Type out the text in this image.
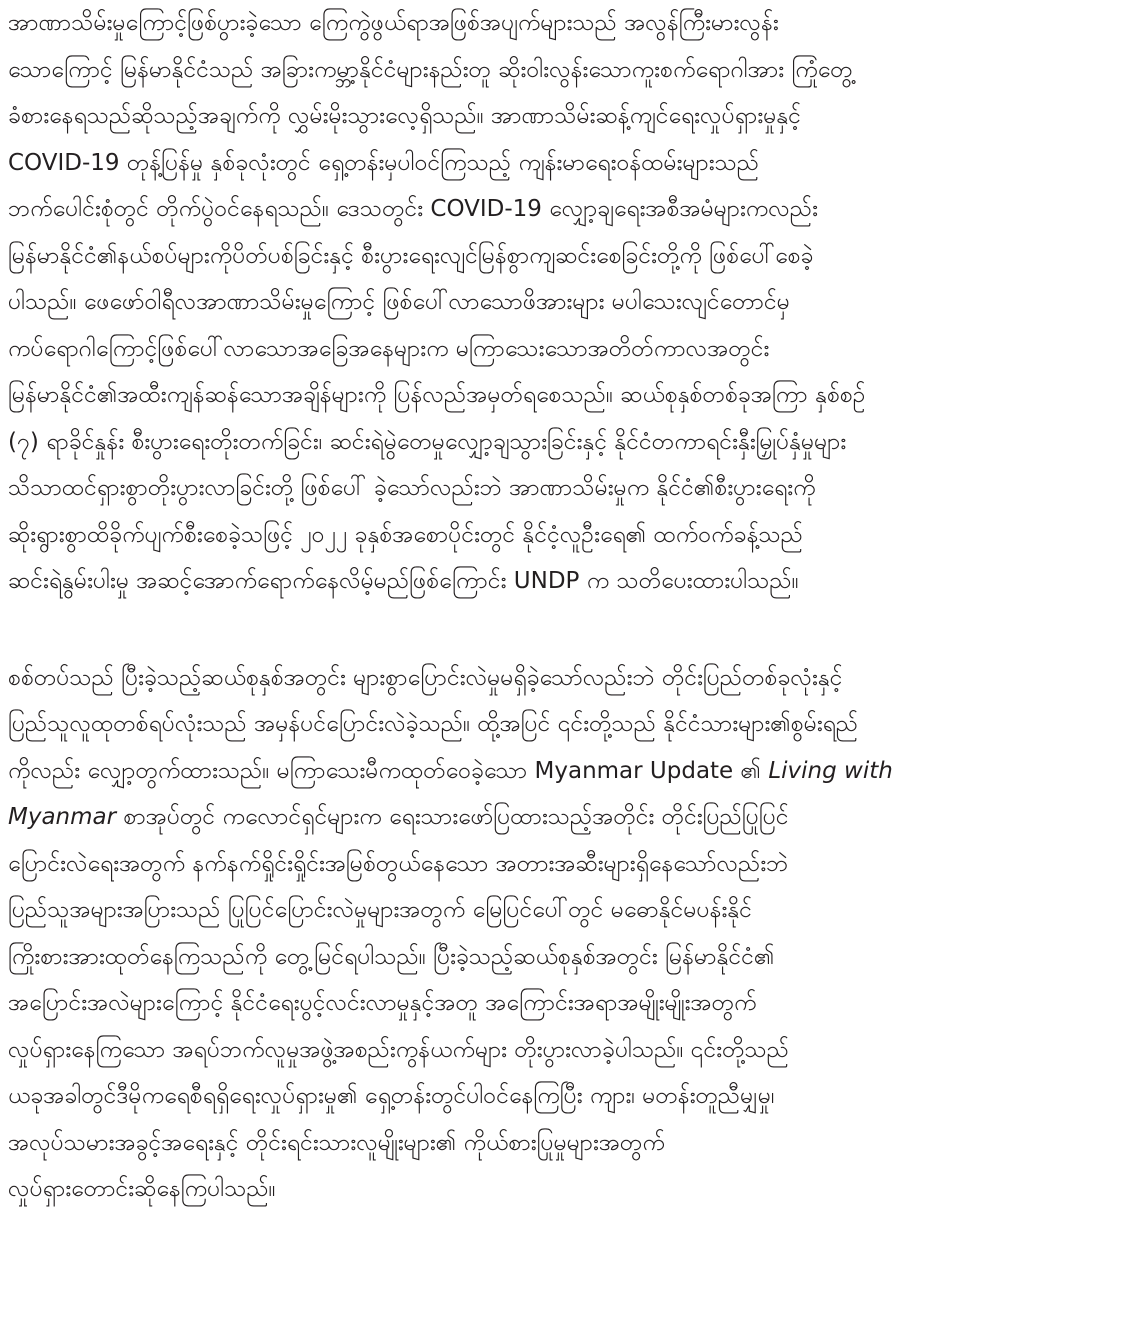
အာဏာသိမ်းမှုကြောင့်ဖြစ်ပွားခဲ့သော ကြေကွဲဖွယ်ရာအဖြစ်အပျက်များသည် အလွန်ကြီးမားလွန်း
သောကြောင့် မြန်မာနိုင်ငံသည် အခြားကမ္ဘာ့နိုင်ငံများနည်းတူ ဆိုးဝါးလွန်းသောကူးစက်ရောဂါအား ကြုံတွေ့
ခံစားနေရသည်ဆိုသည့်အချက်ကို လွှမ်းမိုးသွားလေ့ရှိသည်။ အာဏာသိမ်းဆန့်ကျင်ရေးလှုပ်ရှားမှုနှင့်
COVID-19 တုန့်ပြန်မှု နှစ်ခုလုံးတွင် ရှေ့တန်းမှပါဝင်ကြသည့် ကျန်းမာရေးဝန်ထမ်းများသည်
ဘက်ပေါင်းစုံတွင် တိုက်ပွဲဝင်နေရသည်။ ဒေသတွင်း COVID-19 လျှော့ချရေးအစီအမံများကလည်း
မြန်မာနိုင်ငံ၏နယ်စပ်များကိုပိတ်ပစ်ခြင်းနှင့် စီးပွားရေးလျင်မြန်စွာကျဆင်းစေခြင်းတို့ကို ဖြစ်ပေါ်စေခဲ့
ပါသည်။ ဖေဖော်ဝါရီလအာဏာသိမ်းမှုကြောင့် ဖြစ်ပေါ်လာသောဖိအားများ မပါသေးလျင်တောင်မှ
ကပ်ရောဂါကြောင့်ဖြစ်ပေါ်လာသောအခြေအနေများက မကြာသေးသောအတိတ်ကာလအတွင်း
မြန်မာနိုင်ငံ၏အထီးကျန်ဆန်သောအချိန်များကို ပြန်လည်အမှတ်ရစေသည်။ ဆယ်စုနှစ်တစ်ခုအကြာ နှစ်စဉ်
(၇) ရာခိုင်နှုန်း စီးပွားရေးတိုးတက်ခြင်း၊ ဆင်းရဲမွဲတေမှုလျှော့ချသွားခြင်းနှင့် နိုင်ငံတကာရင်းနှီးမြှုပ်နှံမှုများ
သိသာထင်ရှားစွာတိုးပွားလာခြင်းတို့ ဖြစ်ပေါ် ခဲ့သော်လည်းဘဲ အာဏာသိမ်းမှုက နိုင်ငံ၏စီးပွားရေးကို
ဆိုးရွားစွာထိခိုက်ပျက်စီးစေခဲ့သဖြင့် ၂၀၂၂ ခုနှစ်အစောပိုင်းတွင် နိုင်ငံ့လူဦးရေ၏ ထက်ဝက်ခန့်သည်
ဆင်းရဲနွမ်းပါးမှု အဆင့်အောက်ရောက်နေလိမ့်မည်ဖြစ်ကြောင်း UNDP က သတိပေးထားပါသည်။
စစ်တပ်သည် ပြီးခဲ့သည့်ဆယ်စုနှစ်အတွင်း များစွာပြောင်းလဲမှုမရှိခဲ့သော်လည်းဘဲ တိုင်းပြည်တစ်ခုလုံးနှင့်
ပြည်သူလူထုတစ်ရပ်လုံးသည် အမှန်ပင်ပြောင်းလဲခဲ့သည်။ ထို့အပြင် ၎င်းတို့သည် နိုင်ငံသားများ၏စွမ်းရည်
ကိုလည်း လျှော့တွက်ထားသည်။ မကြာသေးမီကထုတ်ဝေခဲ့သော Myanmar Update ၏ Living with
Myanmar စာအုပ်တွင် ကလောင်ရှင်များက ရေးသားဖော်ပြထားသည့်အတိုင်း တိုင်းပြည်ပြုပြင်
ပြောင်းလဲရေးအတွက် နက်နက်ရှိုင်းရှိုင်းအမြစ်တွယ်နေသော အတားအဆီးများရှိနေသော်လည်းဘဲ
ပြည်သူအများအပြားသည် ပြုပြင်ပြောင်းလဲမှုများအတွက် မြေပြင်ပေါ်တွင် မဓောနိုင်မပန်းနိုင်
ကြိုးစားအားထုတ်နေကြသည်ကို တွေ့မြင်ရပါသည်။ ပြီးခဲ့သည့်ဆယ်စုနှစ်အတွင်း မြန်မာနိုင်ငံ၏
အပြောင်းအလဲများကြောင့် နိုင်ငံရေးပွင့်လင်းလာမှုနှင့်အတူ အကြောင်းအရာအမျိုးမျိုးအတွက်
လှုပ်ရှားနေကြသော အရပ်ဘက်လူမှုအဖွဲ့အစည်းကွန်ယက်များ တိုးပွားလာခဲ့ပါသည်။ ၎င်းတို့သည်
ယခုအခါတွင်ဒီမိုကရေစီရရှိရေးလှုပ်ရှားမှု၏ ရှေ့တန်းတွင်ပါဝင်နေကြပြီး ကျား၊ မတန်းတူညီမျှမှု၊
အလုပ်သမားအခွင့်အရေးနှင့် တိုင်းရင်းသားလူမျိုးများ၏ ကိုယ်စားပြုမှုများအတွက်
လှုပ်ရှားတောင်းဆိုနေကြပါသည်။
